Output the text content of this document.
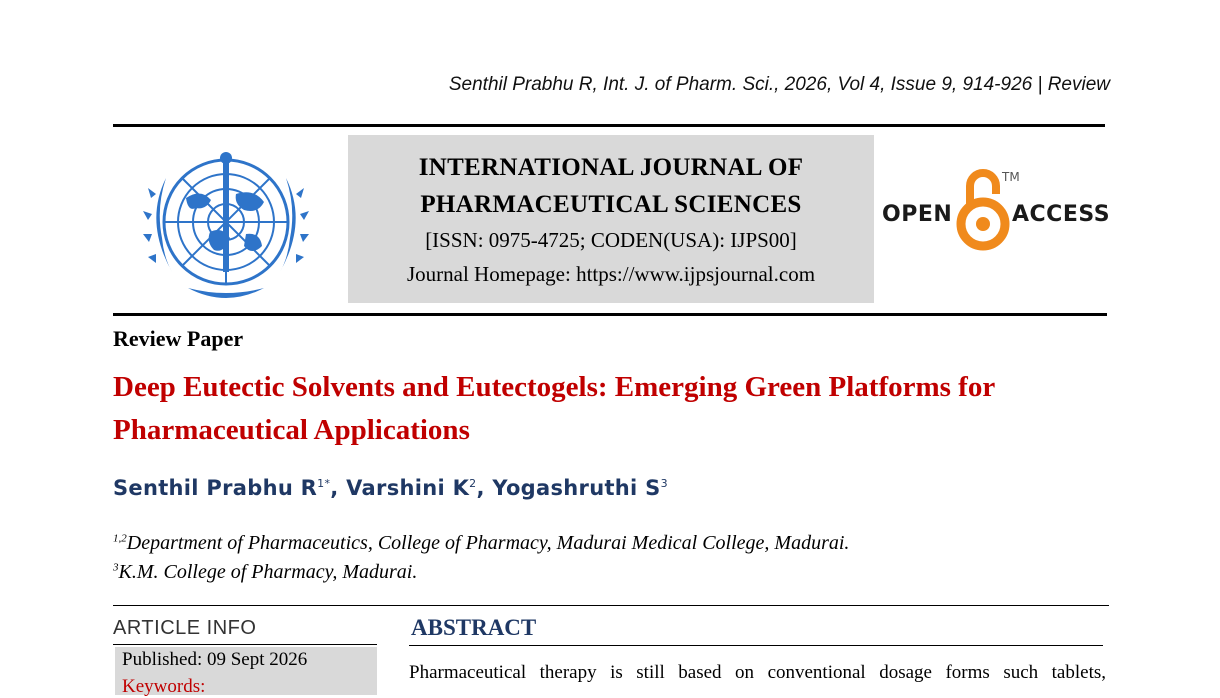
Senthil Prabhu R, Int. J. of Pharm. Sci., 2026, Vol 4, Issue 9, 914-926 | Review
INTERNATIONAL JOURNAL OF
PHARMACEUTICAL SCIENCES
[ISSN: 0975-4725; CODEN(USA): IJPS00]
Journal Homepage: https://www.ijpsjournal.com
OPEN
TM
ACCESS
Review Paper
Deep Eutectic Solvents and Eutectogels: Emerging Green Platforms for Pharmaceutical Applications
Senthil Prabhu $R^{1*}$, Varshini $K^2$, Yogashruthi $S^3$
$^{1,2}$Department of Pharmaceutics, College of Pharmacy, Madurai Medical College, Madurai.
$^3$K.M. College of Pharmacy, Madurai.
ARTICLE INFO
Published: 09 Sept 2026
Keywords:
ABSTRACT
Pharmaceutical therapy is still based on conventional dosage forms such tablets,
